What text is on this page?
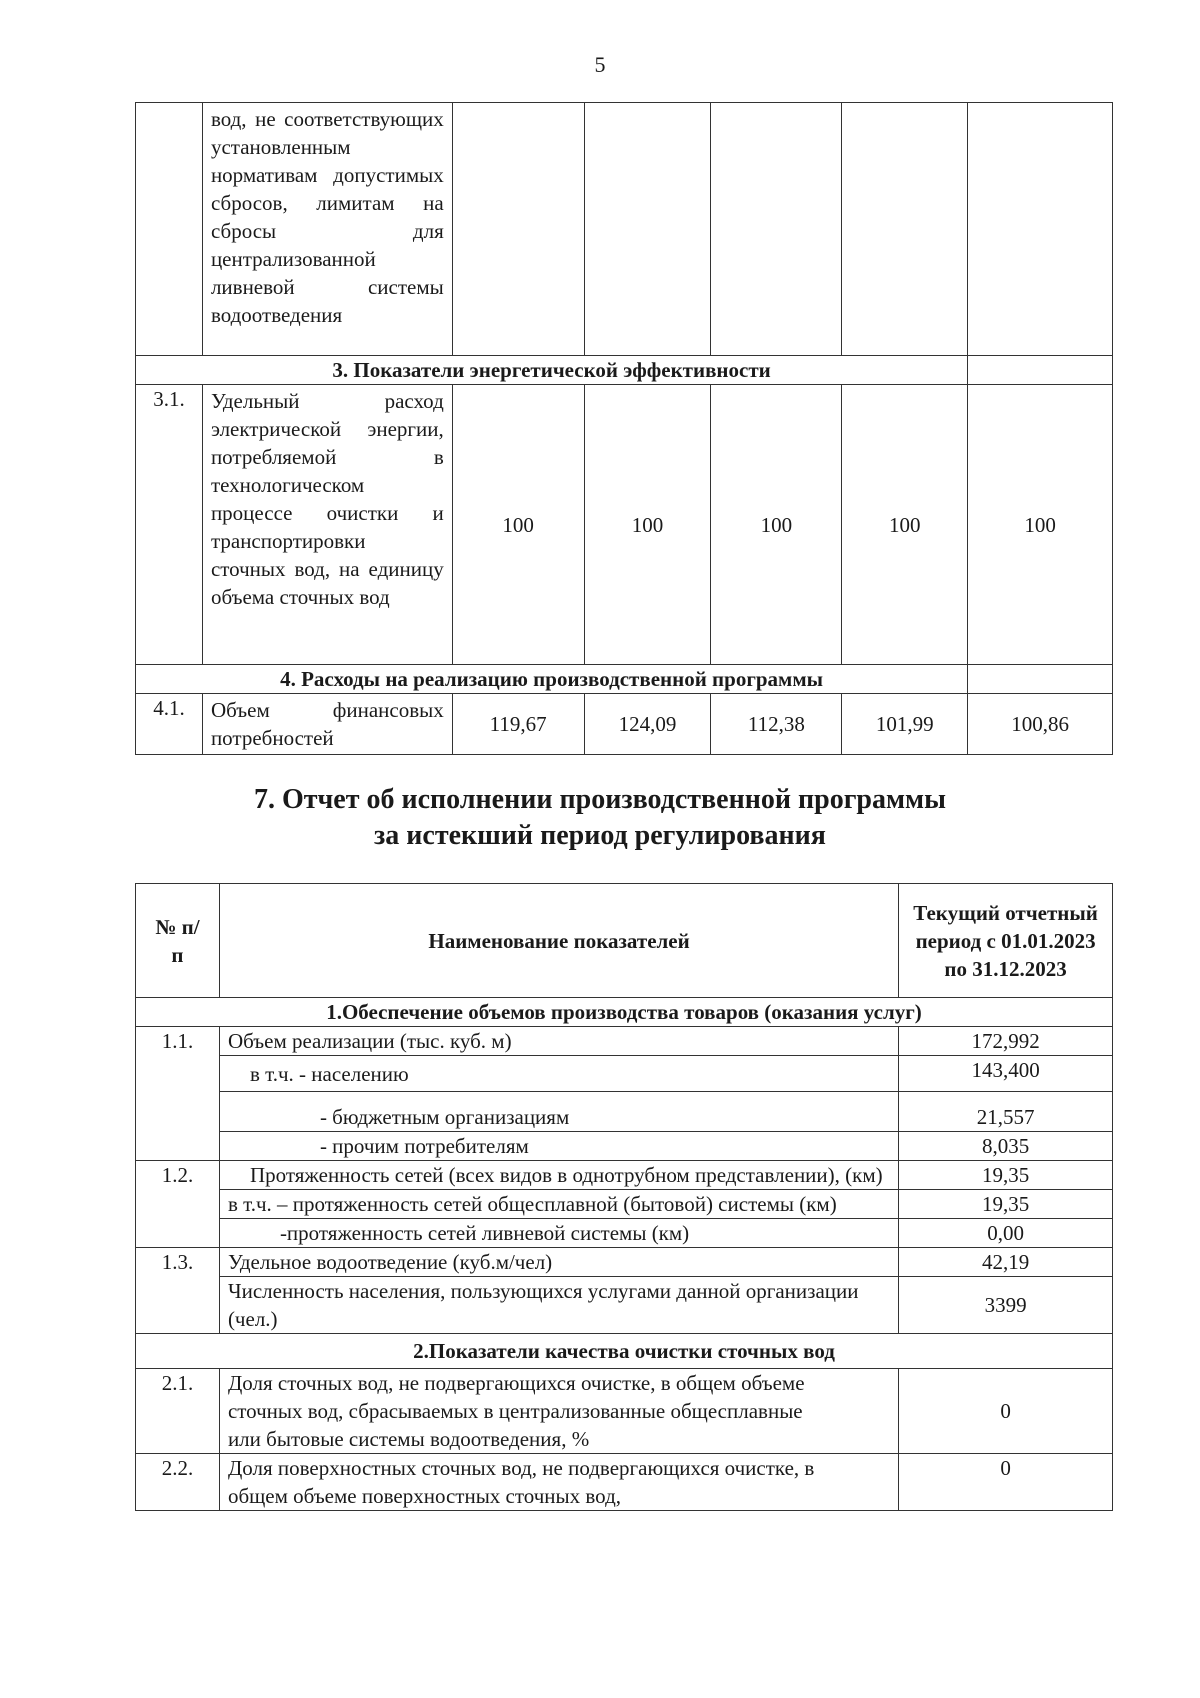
5
	вод, не соответствующих установленным нормативам допустимых сбросов, лимитам на сбросы для централизованной ливневой системы водоотведения					
3. Показатели энергетической эффективности						
3.1.	Удельный расход электрической энергии, потребляемой в технологическом процессе очистки и транспортировки сточных вод, на единицу объема сточных вод	100	100	100	100	100
4. Расходы на реализацию производственной программы						
4.1.	Объем финансовых потребностей	119,67	124,09	112,38	101,99	100,86
7. Отчет об исполнении производственной программы
за истекший период регулирования
№ п/п	Наименование показателей	Текущий отчетный период с 01.01.2023 по 31.12.2023
1.Обеспечение объемов производства товаров (оказания услуг)		
1.1.	Объем реализации (тыс. куб. м)	172,992
	в т.ч. - населению	143,400
	- бюджетным организациям	21,557
	- прочим потребителям	8,035
1.2.	Протяженность сетей (всех видов в однотрубном представлении), (км)	19,35
	в т.ч. – протяженность сетей общесплавной (бытовой) системы (км)	19,35
	-протяженность сетей ливневой системы (км)	0,00
1.3.	Удельное водоотведение (куб.м/чел)	42,19
	Численность населения, пользующихся услугами данной организации (чел.)	3399
2.Показатели качества очистки сточных вод		
2.1.	Доля сточных вод, не подвергающихся очистке, в общем объеме сточных вод, сбрасываемых в централизованные общесплавные или бытовые системы водоотведения, %	0
2.2.	Доля поверхностных сточных вод, не подвергающихся очистке, в общем объеме поверхностных сточных вод,	0
